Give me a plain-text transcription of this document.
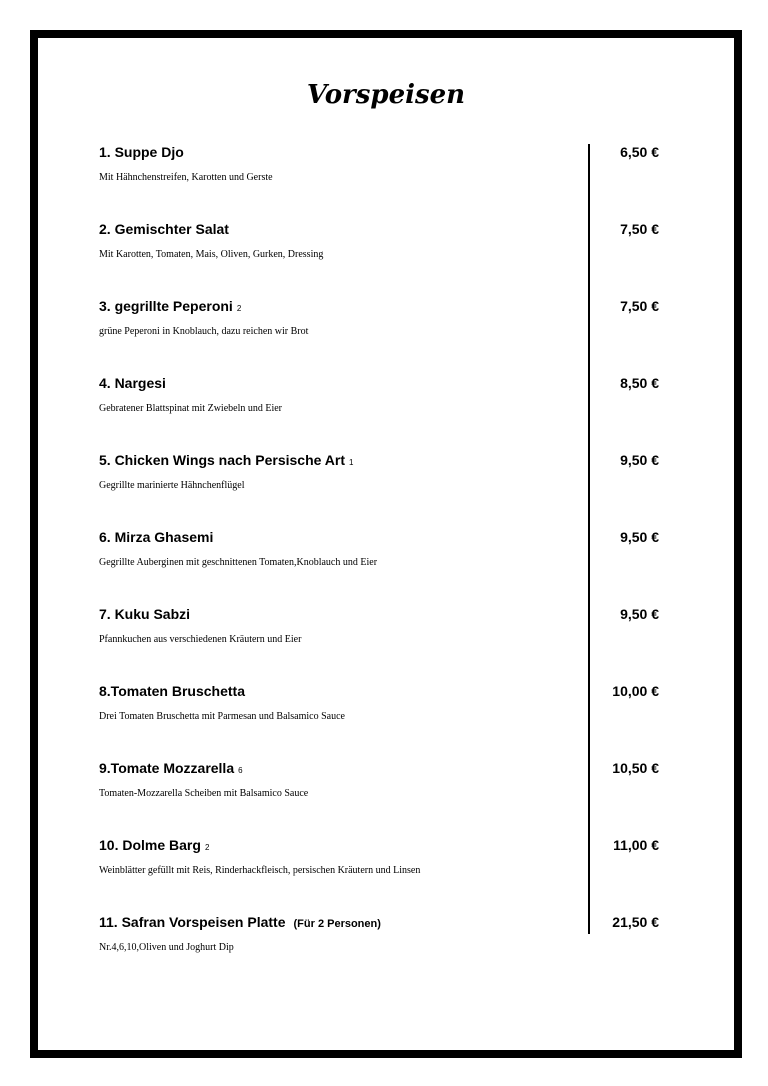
Vorspeisen
1. Suppe Djo
Mit Hähnchenstreifen, Karotten und Gerste
6,50 €
2. Gemischter Salat
Mit Karotten, Tomaten, Mais, Oliven, Gurken, Dressing
7,50 €
3. gegrillte Peperoni 2
grüne Peperoni in Knoblauch, dazu reichen wir Brot
7,50 €
4. Nargesi
Gebratener Blattspinat mit Zwiebeln und Eier
8,50 €
5. Chicken Wings nach Persische Art 1
Gegrillte marinierte Hähnchenflügel
9,50 €
6. Mirza Ghasemi
Gegrillte Auberginen mit geschnittenen Tomaten,Knoblauch und Eier
9,50 €
7. Kuku Sabzi
Pfannkuchen aus verschiedenen Kräutern und Eier
9,50 €
8.Tomaten Bruschetta
Drei Tomaten Bruschetta mit Parmesan und Balsamico Sauce
10,00 €
9.Tomate Mozzarella 6
Tomaten-Mozzarella Scheiben mit Balsamico Sauce
10,50 €
10. Dolme Barg 2
Weinblätter gefüllt mit Reis, Rinderhackfleisch, persischen Kräutern und Linsen
11,00 €
11. Safran Vorspeisen Platte (Für 2 Personen)
Nr.4,6,10,Oliven und Joghurt Dip
21,50 €
